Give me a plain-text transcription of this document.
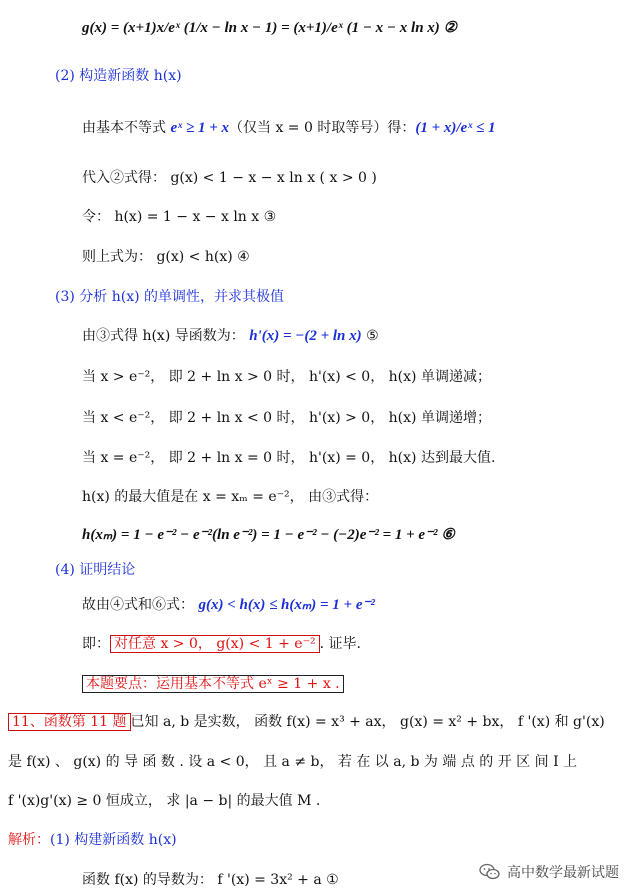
g(x) = (x+1)x/eˣ (1/x − ln x − 1) = (x+1)/eˣ (1 − x − x ln x) ②
(2) 构造新函数 h(x)
由基本不等式 eˣ ≥ 1 + x（仅当 x = 0 时取等号）得：(1 + x)/eˣ ≤ 1
代入②式得： g(x) < 1 − x − x ln x ( x > 0 )
令： h(x) = 1 − x − x ln x ③
则上式为： g(x) < h(x) ④
(3) 分析 h(x) 的单调性，并求其极值
由③式得 h(x) 导函数为： h'(x) = −(2 + ln x) ⑤
当 x > e⁻²， 即 2 + ln x > 0 时， h'(x) < 0， h(x) 单调递减；
当 x < e⁻²， 即 2 + ln x < 0 时， h'(x) > 0， h(x) 单调递增；
当 x = e⁻²， 即 2 + ln x = 0 时， h'(x) = 0， h(x) 达到最大值.
h(x) 的最大值是在 x = xₘ = e⁻²， 由③式得：
h(xₘ) = 1 − e⁻² − e⁻²(ln e⁻²) = 1 − e⁻² − (−2)e⁻² = 1 + e⁻² ⑥
(4) 证明结论
故由④式和⑥式： g(x) < h(x) ≤ h(xₘ) = 1 + e⁻²
即： 对任意 x > 0， g(x) < 1 + e⁻² . 证毕.
本题要点：运用基本不等式 eˣ ≥ 1 + x .
11、函数第 11 题 已知 a, b 是实数， 函数 f(x) = x³ + ax， g(x) = x² + bx， f '(x) 和 g'(x)
是 f(x) 、 g(x) 的 导 函 数 . 设 a < 0， 且 a ≠ b， 若 在 以 a, b 为 端 点 的 开 区 间 I 上
f '(x)g'(x) ≥ 0 恒成立， 求 |a − b| 的最大值 M .
解析：(1) 构建新函数 h(x)
函数 f(x) 的导数为： f '(x) = 3x² + a ①	高中数学最新试题
